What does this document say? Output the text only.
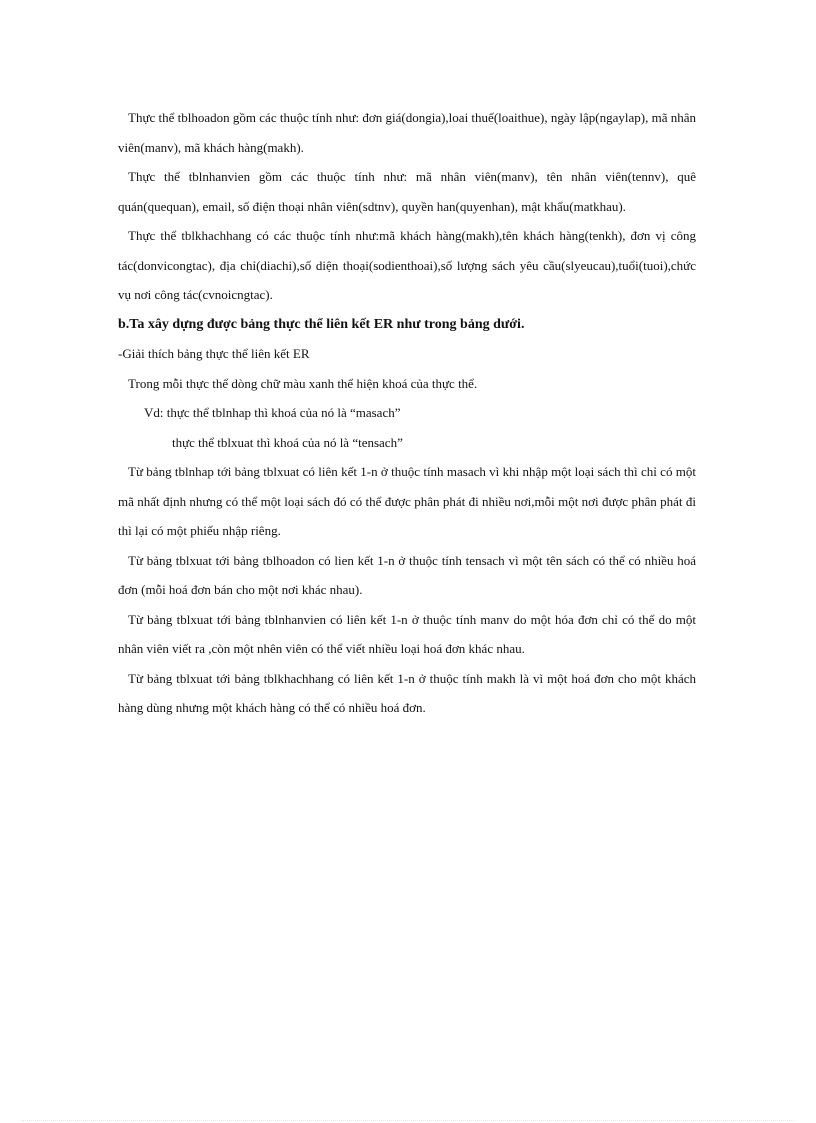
Thực thể tblhoadon gồm các thuộc tính như: đơn giá(dongia),loai thuế(loaithue), ngày lập(ngaylap), mã nhân viên(manv), mã khách hàng(makh).

Thực thể tblnhanvien gồm các thuộc tính như: mã nhân viên(manv), tên nhân viên(tennv), quê quán(quequan), email, số điện thoại nhân viên(sdtnv), quyền han(quyenhan), mật khẩu(matkhau).

Thực thể tblkhachhang có các thuộc tính như:mã khách hàng(makh),tên khách hàng(tenkh), đơn vị công tác(donvicongtac), địa chỉ(diachi),số diện thoại(sodienthoai),số lượng sách yêu cầu(slyeucau),tuổi(tuoi),chức vụ nơi công tác(cvnoicngtac).

b.Ta xây dựng được bảng thực thể liên kết ER như trong bảng dưới.

-Giải thích bảng thực thể liên kết ER

Trong mỗi thực thể dòng chữ màu xanh thể hiện khoá của thực thể.

Vd: thực thể tblnhap thì khoá của nó là “masach”

thực thể tblxuat thì khoá của nó là “tensach”

Từ bảng tblnhap tới bảng tblxuat có liên kết 1-n ở thuộc tính masach vì khi nhập một loại sách thì chỉ có một mã nhất định nhưng có thể một loại sách đó có thể được phân phát đi nhiều nơi,mỗi một nơi được phân phát đi thì lại có một phiếu nhập riêng.

Từ bảng tblxuat tới bảng tblhoadon có lien kết 1-n ở thuộc tính tensach vì một tên sách có thể có nhiều hoá đơn (mỗi hoá đơn bán cho một nơi khác nhau).

Từ bảng tblxuat tới bảng tblnhanvien có liên kết 1-n ở thuộc tính manv do một hóa đơn chỉ có thể do một nhân viên viết ra ,còn một nhên viên có thể viết nhiều loại hoá đơn khác nhau.

Từ bảng tblxuat tới bảng tblkhachhang có liên kết 1-n ở thuộc tính makh là vì một hoá đơn cho một khách hàng dùng nhưng một khách hàng có thể có nhiều hoá đơn.
